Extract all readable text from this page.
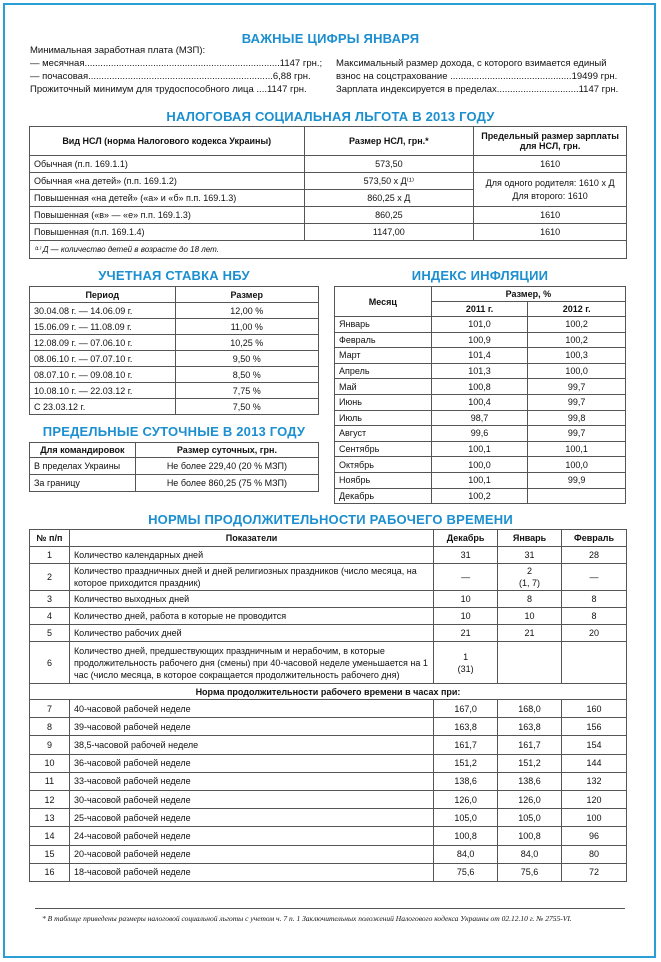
ВАЖНЫЕ ЦИФРЫ ЯНВАРЯ
Минимальная заработная плата (МЗП):
— месячная..........................................................................1147 грн.;
— почасовая......................................................................6,88 грн.
Прожиточный минимум для трудоспособного лица ....1147 грн.
Максимальный размер дохода, с которого взимается единый
взнос на соцстрахование ..............................................19499 грн.
Зарплата индексируется в пределах...............................1147 грн.
НАЛОГОВАЯ СОЦИАЛЬНАЯ ЛЬГОТА В 2013 ГОДУ
Вид НСЛ (норма Налогового кодекса Украины)	Размер НСЛ, грн.*	Предельный размер зарплаты для НСЛ, грн.
Обычная (п.п. 169.1.1)	573,50	1610
Обычная «на детей» (п.п. 169.1.2)	573,50 х Д⁽¹⁾	Для одного родителя: 1610 х Д
Для второго: 1610

Повышенная «на детей» («а» и «б» п.п. 169.1.3)	860,25 х Д	
Повышенная («в» — «е» п.п. 169.1.3)	860,25	1610
Повышенная (п.п. 169.1.4)	1147,00	1610
⁽¹⁾ Д — количество детей в возрасте до 18 лет.		
УЧЕТНАЯ СТАВКА НБУ
Период	Размер
30.04.08 г. — 14.06.09 г.	12,00 %
15.06.09 г. — 11.08.09 г.	11,00 %
12.08.09 г. — 07.06.10 г.	10,25 %
08.06.10 г. — 07.07.10 г.	9,50 %
08.07.10 г. — 09.08.10 г.	8,50 %
10.08.10 г. — 22.03.12 г.	7,75 %
С 23.03.12 г.	7,50 %
ПРЕДЕЛЬНЫЕ СУТОЧНЫЕ В 2013 ГОДУ
Для командировок	Размер суточных, грн.
В пределах Украины	Не более 229,40 (20 % МЗП)
За границу	Не более 860,25 (75 % МЗП)
ИНДЕКС ИНФЛЯЦИИ
Месяц	Размер, %	
	2011 г.	2012 г.
Январь	101,0	100,2
Февраль	100,9	100,2
Март	101,4	100,3
Апрель	101,3	100,0
Май	100,8	99,7
Июнь	100,4	99,7
Июль	98,7	99,8
Август	99,6	99,7
Сентябрь	100,1	100,1
Октябрь	100,0	100,0
Ноябрь	100,1	99,9
Декабрь	100,2	
НОРМЫ ПРОДОЛЖИТЕЛЬНОСТИ РАБОЧЕГО ВРЕМЕНИ
№ п/п	Показатели	Декабрь	Январь	Февраль
1	Количество календарных дней	31	31	28
2	Количество праздничных дней и дней религиозных праздников (число месяца, на которое приходится праздник)	—	2
(1, 7)	—
3	Количество выходных дней	10	8	8
4	Количество дней, работа в которые не проводится	10	10	8
5	Количество рабочих дней	21	21	20
6	Количество дней, предшествующих праздничным и нерабочим, в которые продолжительность рабочего дня (смены) при 40-часовой неделе уменьшается на 1 час (число месяца, в которое сокращается продолжительность рабочего дня)	1
(31)		
Норма продолжительности рабочего времени в часах при:				
7	40-часовой рабочей неделе	167,0	168,0	160
8	39-часовой рабочей неделе	163,8	163,8	156
9	38,5-часовой рабочей неделе	161,7	161,7	154
10	36-часовой рабочей неделе	151,2	151,2	144
11	33-часовой рабочей неделе	138,6	138,6	132
12	30-часовой рабочей неделе	126,0	126,0	120
13	25-часовой рабочей неделе	105,0	105,0	100
14	24-часовой рабочей неделе	100,8	100,8	96
15	20-часовой рабочей неделе	84,0	84,0	80
16	18-часовой рабочей неделе	75,6	75,6	72
* В таблице приведены размеры налоговой социальной льготы с учетом ч. 7 п. 1 Заключительных положений Налогового кодекса Украины от 02.12.10 г. № 2755-VI.
